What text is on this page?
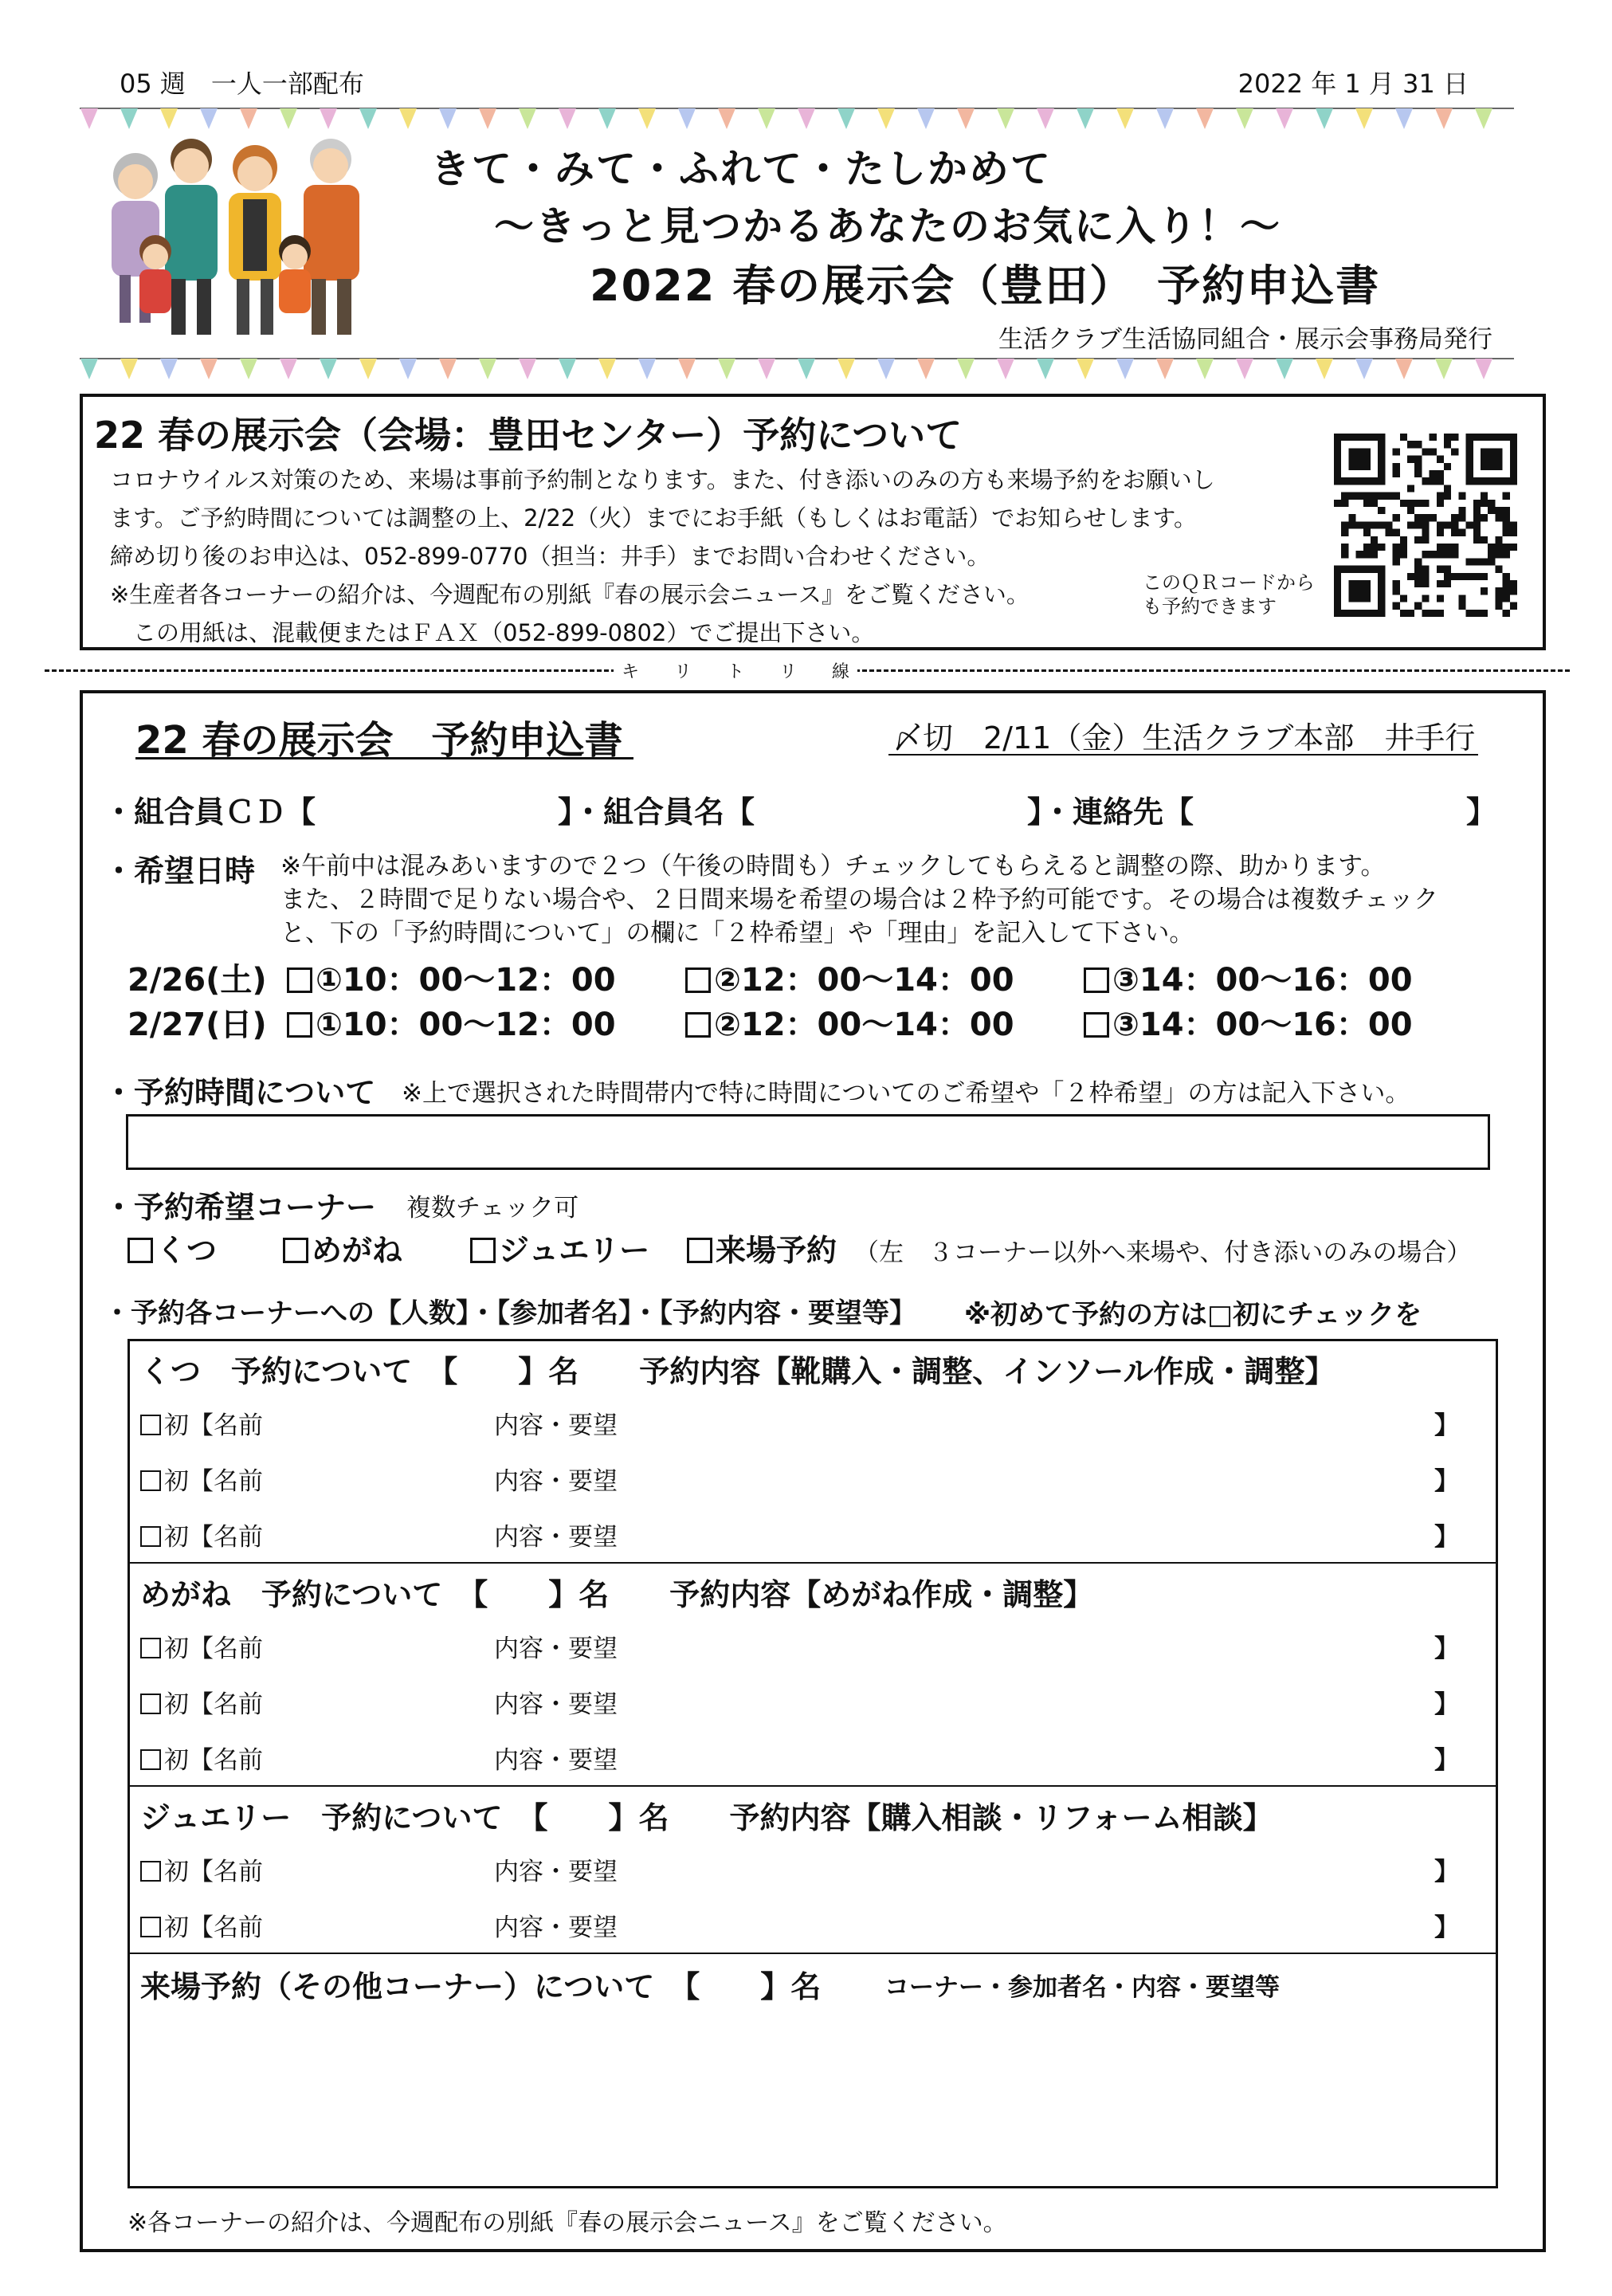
05 週　一人一部配布	2022 年 1 月 31 日
きて・みて・ふれて・たしかめて
～きっと見つかるあなたのお気に入り！～
2022 春の展示会（豊田）　予約申込書
生活クラブ生活協同組合・展示会事務局発行
22 春の展示会（会場：豊田センター）予約について
コロナウイルス対策のため、来場は事前予約制となります。また、付き添いのみの方も来場予約をお願いし
ます。ご予約時間については調整の上、2/22（火）までにお手紙（もしくはお電話）でお知らせします。
締め切り後のお申込は、052-899-0770（担当：井手）までお問い合わせください。
※生産者各コーナーの紹介は、今週配布の別紙『春の展示会ニュース』をご覧ください。
　この用紙は、混載便またはＦＡＸ（052-899-0802）でご提出下さい。
このＱＲコードから
も予約できます
キ　　リ　　ト　　リ　　線
22 春の展示会　予約申込書	〆切　2/11（金）生活クラブ本部　井手行
・組合員ＣＤ【　　　　　　　　】・組合員名【　　　　　　　　　】・連絡先【　　　　　　　　　】
・希望日時 ※午前中は混みあいますので２つ（午後の時間も）チェックしてもらえると調整の際、助かります。
また、２時間で足りない場合や、２日間来場を希望の場合は２枠予約可能です。その場合は複数チェック
と、下の「予約時間について」の欄に「２枠希望」や「理由」を記入して下さい。
2/26(土)	①10：00～12：00	②12：00～14：00	③14：00～16：00
2/27(日)	①10：00～12：00	②12：00～14：00	③14：00～16：00
・予約時間について ※上で選択された時間帯内で特に時間についてのご希望や「２枠希望」の方は記入下さい。
・予約希望コーナー 複数チェック可
くつ	めがね	ジュエリー	来場予約 （左　３コーナー以外へ来場や、付き添いのみの場合）
・予約各コーナーへの【人数】・【参加者名】・【予約内容・要望等】 ※初めて予約の方は□初にチェックを
くつ　予約について　【　　】名　　予約内容【靴購入・調整、インソール作成・調整】
初【名前	内容・要望	】
初【名前	内容・要望	】
初【名前	内容・要望	】
めがね　予約について　【　　】名　　予約内容【めがね作成・調整】
初【名前	内容・要望	】
初【名前	内容・要望	】
初【名前	内容・要望	】
ジュエリー　予約について　【　　】名　　予約内容【購入相談・リフォーム相談】
初【名前	内容・要望	】
初【名前	内容・要望	】
来場予約（その他コーナー）について　【　　】名	コーナー・参加者名・内容・要望等
※各コーナーの紹介は、今週配布の別紙『春の展示会ニュース』をご覧ください。
